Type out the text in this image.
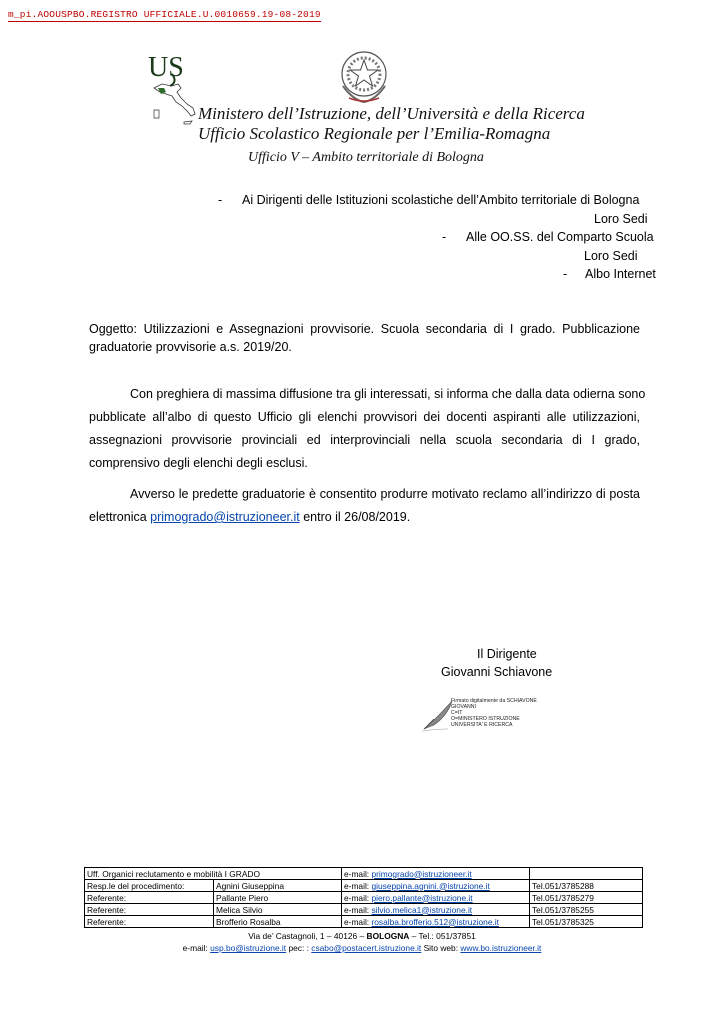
m_pi.AOOUSPBO.REGISTRO UFFICIALE.U.0010659.19-08-2019
US
Ministero dell’Istruzione, dell’Università e della Ricerca
Ufficio Scolastico Regionale per l’Emilia-Romagna
Ufficio V – Ambito territoriale di Bologna
- Ai Dirigenti delle Istituzioni scolastiche dell’Ambito territoriale di Bologna
Loro Sedi
- Alle OO.SS. del Comparto Scuola
Loro Sedi
- Albo Internet
Oggetto: Utilizzazioni e Assegnazioni provvisorie. Scuola secondaria di I grado. Pubblicazione
graduatorie provvisorie a.s. 2019/20.
Con preghiera di massima diffusione tra gli interessati, si informa che dalla data odierna sono
pubblicate all’albo di questo Ufficio gli elenchi provvisori dei docenti aspiranti alle utilizzazioni,
assegnazioni provvisorie provinciali ed interprovinciali nella scuola secondaria di I grado,
comprensivo degli elenchi degli esclusi.
Avverso le predette graduatorie è consentito produrre motivato reclamo all’indirizzo di posta
elettronica primogrado@istruzioneer.it entro il 26/08/2019.
Il Dirigente
Giovanni Schiavone
Firmato digitalmente da SCHIAVONE
GIOVANNI
C=IT
O=MINISTERO ISTRUZIONE
UNIVERSITA' E RICERCA
Uff. Organici reclutamento e mobilità I GRADO		e-mail: primogrado@istruzioneer.it	
Resp.le del procedimento:	Agnini Giuseppina	e-mail: giuseppina.agnini.@istruzione.it	Tel.051/3785288
Referente:	Pallante Piero	e-mail: piero.pallante@istruzione.it	Tel.051/3785279
Referente:	Melica Silvio	e-mail: silvio.melica1@istruzione.it	Tel.051/3785255
Referente:	Brofferio Rosalba	e-mail: rosalba.brofferio.512@istruzione.it	Tel.051/3785325
Via de’ Castagnoli, 1 – 40126 – BOLOGNA – Tel.: 051/37851
e-mail: usp.bo@istruzione.it pec: : csabo@postacert.istruzione.it Sito web: www.bo.istruzioneer.it
